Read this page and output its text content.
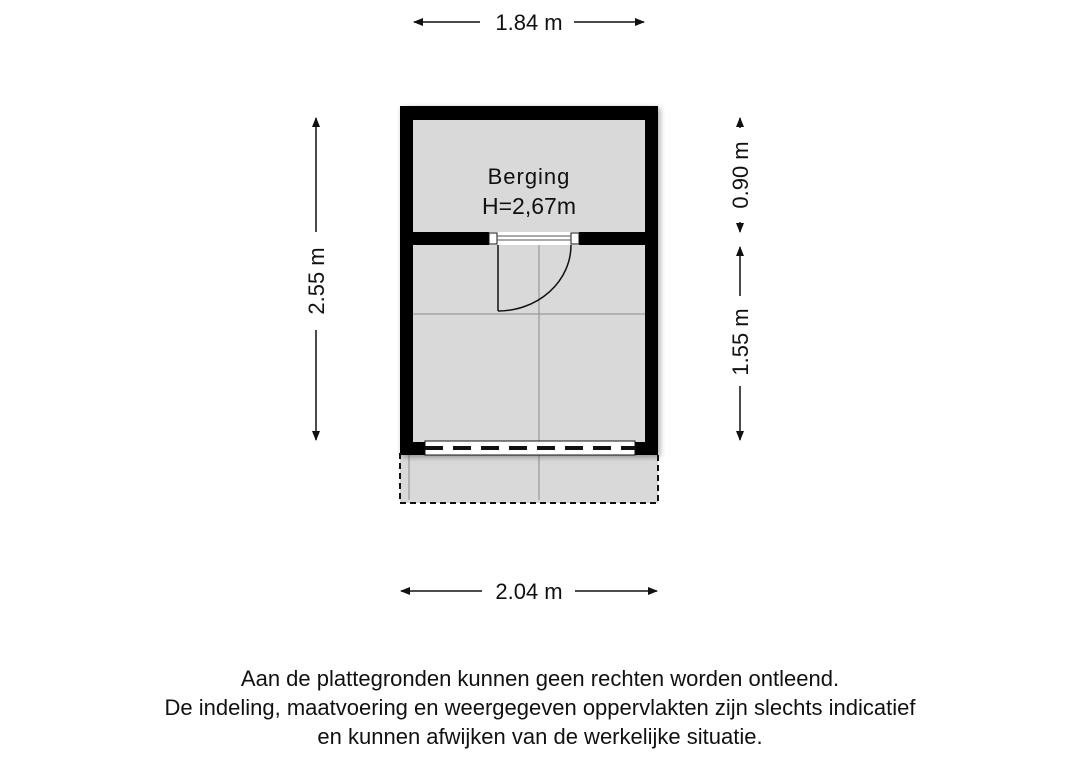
Berging
H=2,67m
1.84 m
2.04 m
2.55 m
0.90 m
1.55 m
Aan de plattegronden kunnen geen rechten worden ontleend.
De indeling, maatvoering en weergegeven oppervlakten zijn slechts indicatief
en kunnen afwijken van de werkelijke situatie.
